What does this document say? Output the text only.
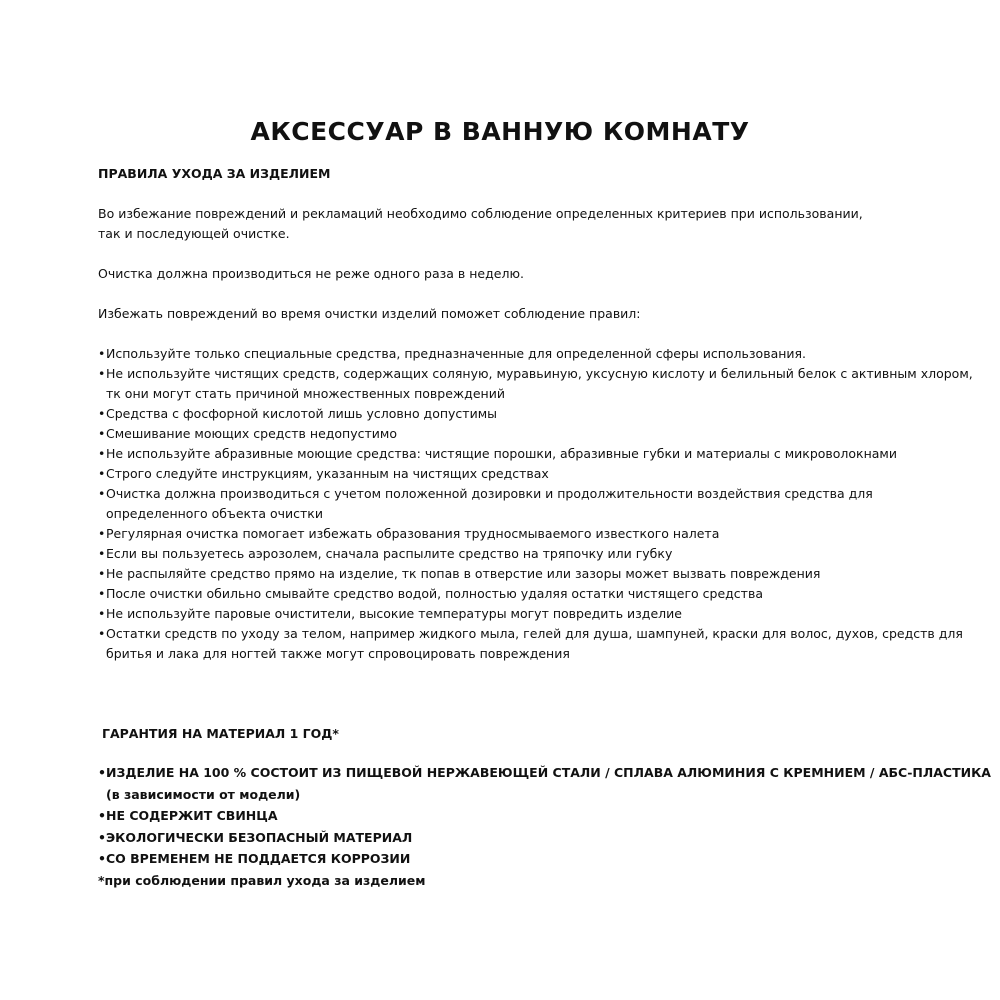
АКСЕССУАР В ВАННУЮ КОМНАТУ
ПРАВИЛА УХОДА ЗА ИЗДЕЛИЕМ

Во избежание повреждений и рекламаций необходимо соблюдение определенных критериев при использовании,
так и последующей очистке.

Очистка должна производиться не реже одного раза в неделю.

Избежать повреждений во время очистки изделий поможет соблюдение правил:

• Используйте только специальные средства, предназначенные для определенной сферы использования.
• Не используйте чистящих средств, содержащих соляную, муравьиную, уксусную кислоту и белильный белок с активным хлором,
тк они могут стать причиной множественных повреждений
• Средства с фосфорной кислотой лишь условно допустимы
• Смешивание моющих средств недопустимо
• Не используйте абразивные моющие средства: чистящие порошки, абразивные губки и материалы с микроволокнами
• Строго следуйте инструкциям, указанным на чистящих средствах
• Очистка должна производиться с учетом положенной дозировки и продолжительности воздействия средства для
определенного объекта очистки
• Регулярная очистка помогает избежать образования трудносмываемого известкого налета
• Если вы пользуетесь аэрозолем, сначала распылите средство на тряпочку или губку
• Не распыляйте средство прямо на изделие, тк попав в отверстие или зазоры может вызвать повреждения
• После очистки обильно смывайте средство водой, полностью удаляя остатки чистящего средства
• Не используйте паровые очистители, высокие температуры могут повредить изделие
• Остатки средств по уходу за телом, например жидкого мыла, гелей для душа, шампуней, краски для волос, духов, средств для
бритья и лака для ногтей также могут спровоцировать повреждения
ГАРАНТИЯ НА МАТЕРИАЛ 1 ГОД*
• ИЗДЕЛИЕ НА 100 % СОСТОИТ ИЗ ПИЩЕВОЙ НЕРЖАВЕЮЩЕЙ СТАЛИ / СПЛАВА АЛЮМИНИЯ С КРЕМНИЕМ / АБС-ПЛАСТИКА
(в зависимости от модели)
• НЕ СОДЕРЖИТ СВИНЦА
• ЭКОЛОГИЧЕСКИ БЕЗОПАСНЫЙ МАТЕРИАЛ
• СО ВРЕМЕНЕМ НЕ ПОДДАЕТСЯ КОРРОЗИИ
*при соблюдении правил ухода за изделием
